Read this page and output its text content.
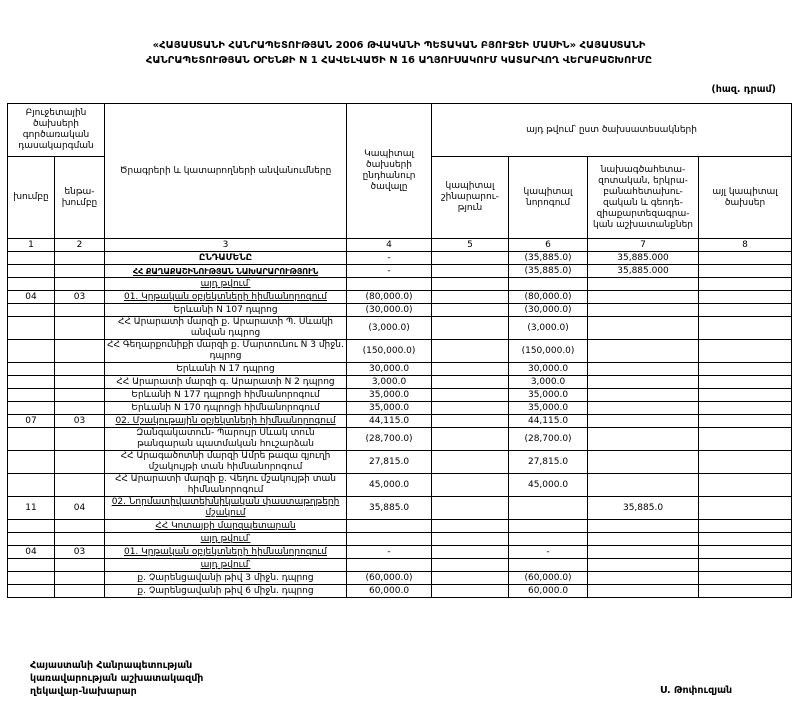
«ՀԱՅԱՍՏԱՆԻ ՀԱՆՐԱՊԵՏՈՒԹՅԱՆ 2006 ԹՎԱԿԱՆԻ ՊԵՏԱԿԱՆ ԲՅՈՒՋԵԻ ՄԱՍԻՆ» ՀԱՅԱՍՏԱՆԻ
ՀԱՆՐԱՊԵՏՈՒԹՅԱՆ ՕՐԵՆՔԻ N 1 ՀԱՎԵԼՎԱԾԻ N 16 ԱՂՅՈՒՍԱԿՈՒՄ ԿԱՏԱՐՎՈՂ ՎԵՐԱԲԱՇԽՈՒՄԸ
(հազ. դրամ)
Բյուջետային ծախսերի գործառական դասակարգման		Ծրագրերի և կատարողների անվանումները	Կապիտալ ծախսերի ընդհանուր ծավալը	այդ թվում՝ ըստ ծախսատեսակների			
խումբը	ենթա-խումբը			կապիտալ շինարարու-թյուն	կապիտալ նորոգում	նախագծահետա-զոտական, երկրա-բանահետախու-զական և գեոդե-զիաքարտեզագրա-կան աշխատանքներ	այլ կապիտալ ծախսեր
1	2	3	4	5	6	7	8
		ԸՆԴԱՄԵՆԸ	-		(35,885.0)	35,885.000	
		ՀՀ ՔԱՂԱՔԱՇԻՆՈՒԹՅԱՆ ՆԱԽԱՐԱՐՈՒԹՅՈՒՆ	-		(35,885.0)	35,885.000	
		այդ թվում՝					
04	03	01. Կրթական օբյեկտների հիմնանորոգում	(80,000.0)		(80,000.0)		
		Երևանի N 107 դպրոց	(30,000.0)		(30,000.0)		
		ՀՀ Արարատի մարզի ք. Արարատի Պ. Սևակի անվան դպրոց	(3,000.0)		(3,000.0)		
		ՀՀ Գեղարքունիքի մարզի ք. Մարտունու N 3 միջն. դպրոց	(150,000.0)		(150,000.0)		
		Երևանի N 17 դպրոց	30,000.0		30,000.0		
		ՀՀ Արարատի մարզի գ. Արարատի N 2 դպրոց	3,000.0		3,000.0		
		Երևանի N 177 դպրոցի հիմնանորոգում	35,000.0		35,000.0		
		Երևանի N 170 դպրոցի հիմնանորոգում	35,000.0		35,000.0		
07	03	02. Մշակութային օբյեկտների հիմնանորոգում	44,115.0		44,115.0		
		Զանգակատուն- Պարույր Սևակ տուն թանգարան պատմական հուշարձան	(28,700.0)		(28,700.0)		
		ՀՀ Արագածոտնի մարզի Ամրե թազա գյուղի մշակույթի տան հիմնանորոգում	27,815.0		27,815.0		
		ՀՀ Արարատի մարզի ք. Վեդու մշակույթի տան հիմնանորոգում	45,000.0		45,000.0		
11	04	02. Նորմատիվատեխնիկական փաստաթղթերի մշակում	35,885.0			35,885.0	
		ՀՀ Կոտայքի մարզպետարան					
		այդ թվում՝					
04	03	01. Կրթական օբյեկտների հիմնանորոգում	-		-		
		այդ թվում՝					
		ք. Չարենցավանի թիվ 3 միջն. դպրոց	(60,000.0)		(60,000.0)		
		ք. Չարենցավանի թիվ 6 միջն. դպրոց	60,000.0		60,000.0		
Հայաստանի Հանրապետության
կառավարության աշխատակազմի
ղեկավար-նախարար	Ս. Թոփուզյան
